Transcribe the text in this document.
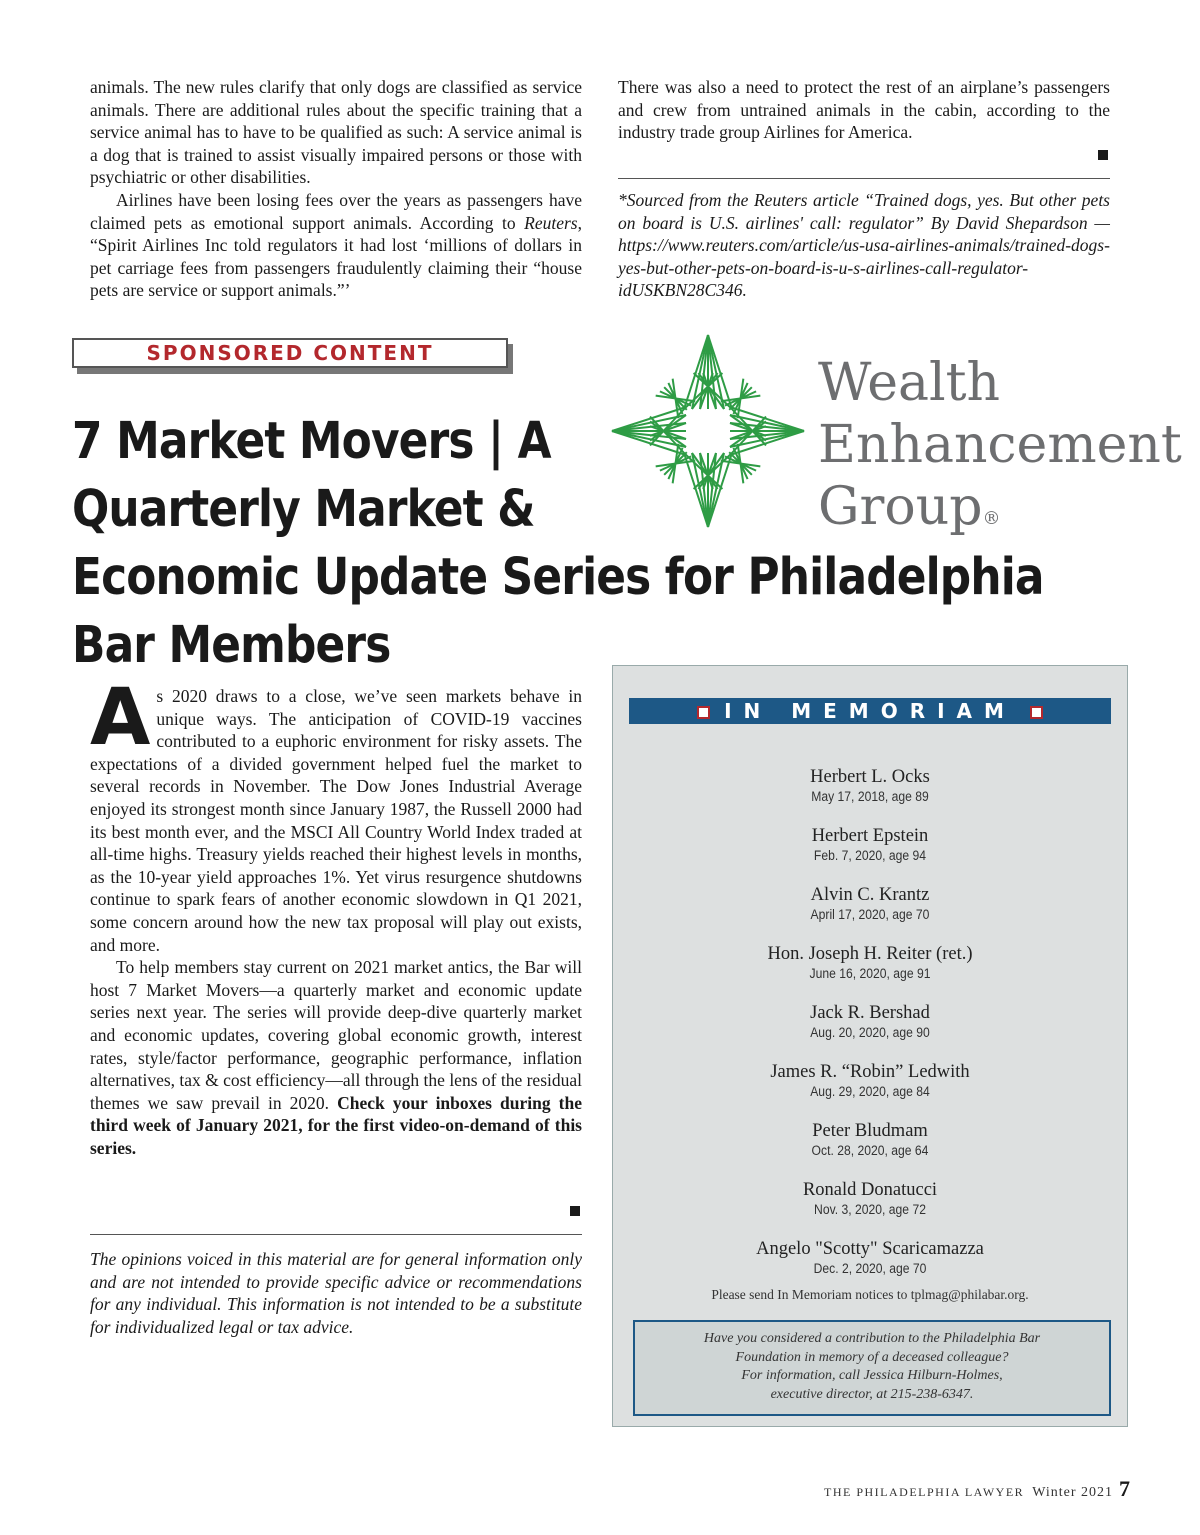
animals. The new rules clarify that only dogs are classified as service animals. There are additional rules about the specific training that a service animal has to have to be qualified as such: A service animal is a dog that is trained to assist visually impaired persons or those with psychiatric or other disabilities.

Airlines have been losing fees over the years as passengers have claimed pets as emotional support animals. According to Reuters, “Spirit Airlines Inc told regulators it had lost ‘millions of dollars in pet carriage fees from passengers fraudulently claiming their “house pets are service or support animals.”’

There was also a need to protect the rest of an airplane’s passengers and crew from untrained animals in the cabin, according to the industry trade group Airlines for America.

*Sourced from the Reuters article “Trained dogs, yes. But other pets on board is U.S. airlines' call: regulator” By David Shepardson — https://www.reuters.com/article/us-usa-airlines-animals/trained-dogs-yes-but-other-pets-on-board-is-u-s-airlines-call-regulator-idUSKBN28C346.

SPONSORED CONTENT	Wealth
Enhancement
Group®
7 Market Movers | A
Quarterly Market &
Economic Update Series for Philadelphia
Bar Members

As 2020 draws to a close, we’ve seen markets behave in unique ways. The anticipation of COVID-19 vaccines contributed to a euphoric environment for risky assets. The expectations of a divided government helped fuel the market to several records in November. The Dow Jones Industrial Average enjoyed its strongest month since January 1987, the Russell 2000 had its best month ever, and the MSCI All Country World Index traded at all-time highs. Treasury yields reached their highest levels in months, as the 10-year yield approaches 1%. Yet virus resurgence shutdowns continue to spark fears of another economic slowdown in Q1 2021, some concern around how the new tax proposal will play out exists, and more.

To help members stay current on 2021 market antics, the Bar will host 7 Market Movers—a quarterly market and economic update series next year. The series will provide deep-dive quarterly market and economic updates, covering global economic growth, interest rates, style/factor performance, geographic performance, inflation alternatives, tax & cost efficiency—all through the lens of the residual themes we saw prevail in 2020. Check your inboxes during the third week of January 2021, for the first video-on-demand of this series.

The opinions voiced in this material are for general information only and are not intended to provide specific advice or recommendations for any individual. This information is not intended to be a substitute for individualized legal or tax advice.

IN MEMORIAM
Herbert L. Ocks
May 17, 2018, age 89
Herbert Epstein
Feb. 7, 2020, age 94
Alvin C. Krantz
April 17, 2020, age 70
Hon. Joseph H. Reiter (ret.)
June 16, 2020, age 91
Jack R. Bershad
Aug. 20, 2020, age 90
James R. “Robin” Ledwith
Aug. 29, 2020, age 84
Peter Bludmam
Oct. 28, 2020, age 64
Ronald Donatucci
Nov. 3, 2020, age 72
Angelo "Scotty" Scaricamazza
Dec. 2, 2020, age 70
Please send In Memoriam notices to tplmag@philabar.org.
Have you considered a contribution to the Philadelphia Bar
Foundation in memory of a deceased colleague?
For information, call Jessica Hilburn-Holmes,
executive director, at 215-238-6347.
THE PHILADELPHIA LAWYER Winter 2021 7
